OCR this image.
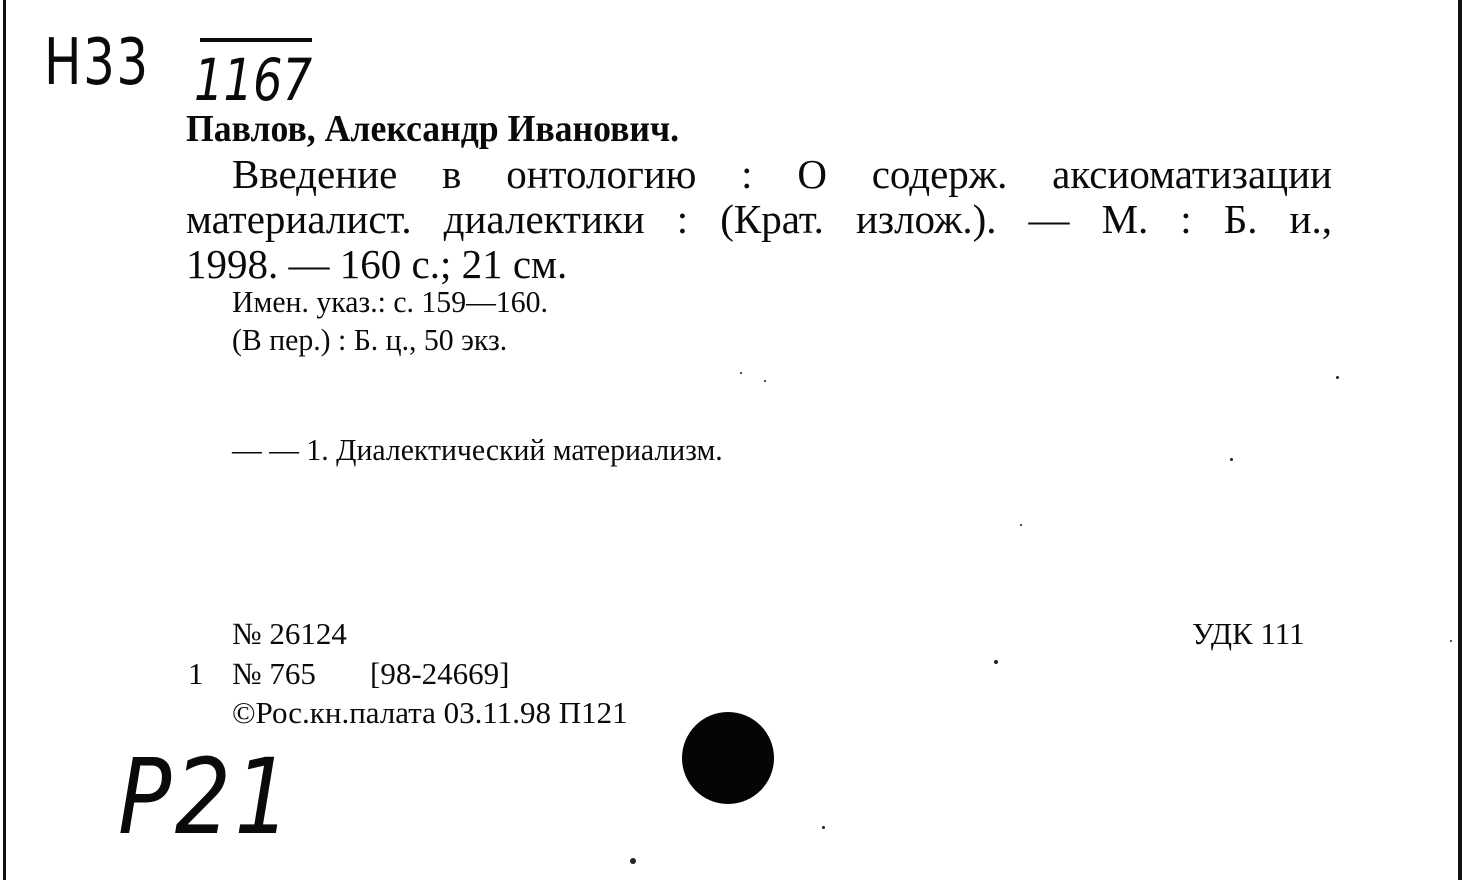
Н33 1167
Павлов, Александр Иванович.
Введение в онтологию : О содерж. аксиоматизации
материалист. диалектики : (Крат. излож.). — М. : Б. и.,
1998. — 160 с.; 21 см.
Имен. указ.: с. 159—160.
(В пер.) : Б. ц., 50 экз.
— — 1. Диалектический материализм.
№ 26124	УДК 111
1 № 765 [98-24669]
©Рос.кн.палата 03.11.98 П121
Р21
